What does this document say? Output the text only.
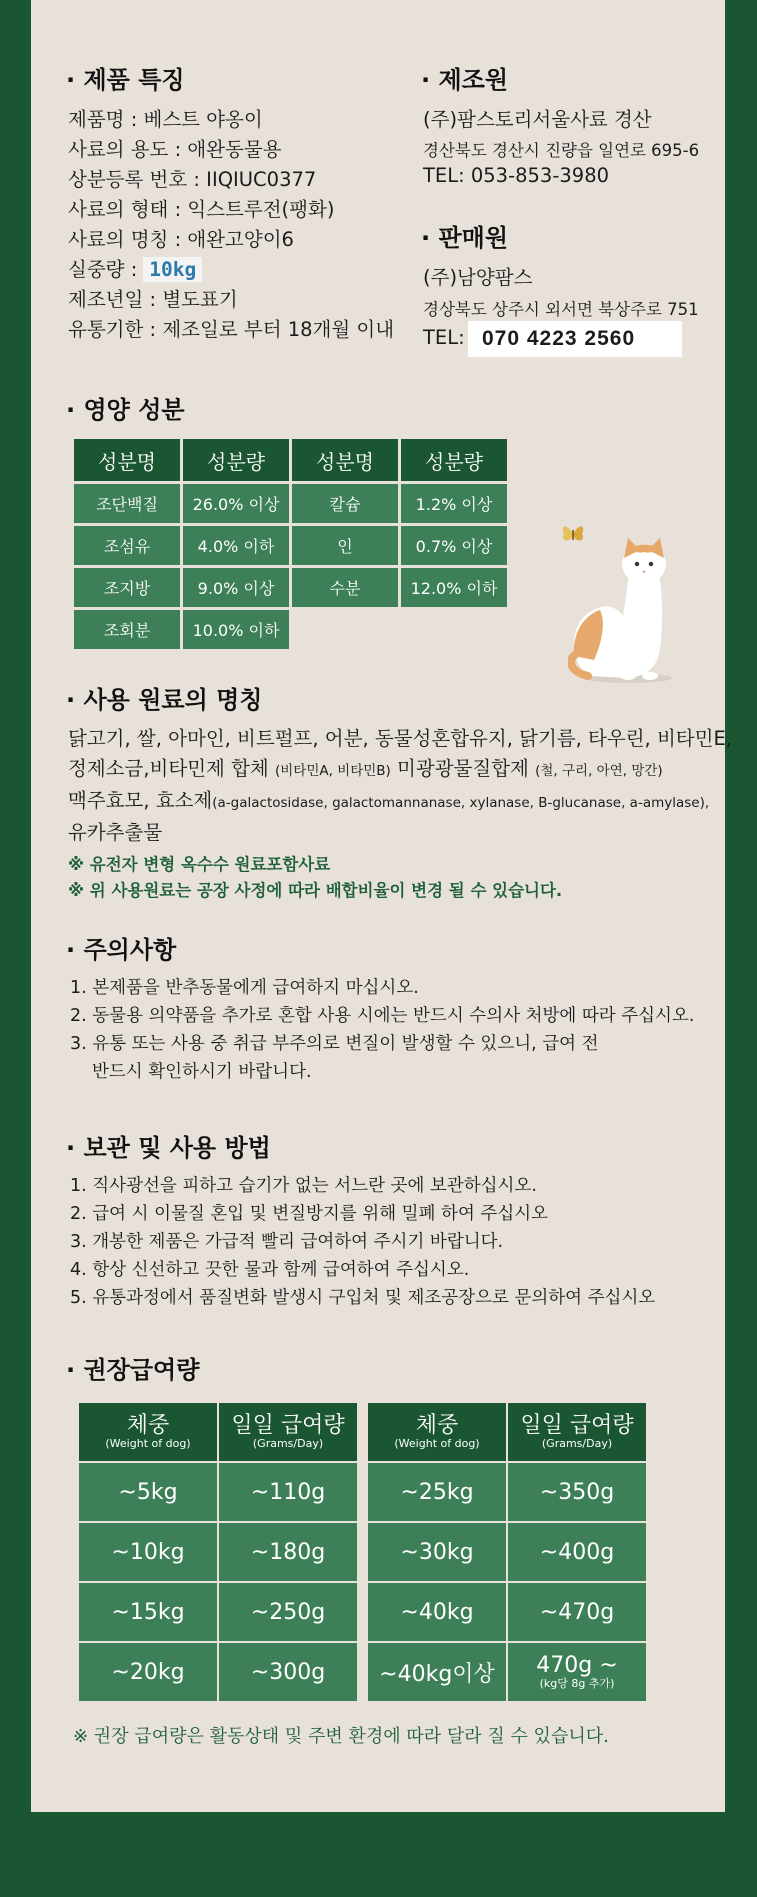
· 제품 특징
제품명 : 베스트 야옹이
사료의 용도 : 애완동물용
상분등록 번호 : IIQIUC0377
사료의 형태 : 익스트루전(팽화)
사료의 명칭 : 애완고양이6
실중량 : 10kg
제조년일 : 별도표기
유통기한 : 제조일로 부터 18개월 이내
· 제조원
(주)팜스토리서울사료 경산
경산북도 경산시 진량읍 일연로 695-6
TEL: 053-853-3980
· 판매원
(주)남양팜스
경상북도 상주시 외서면 북상주로 751
TEL: 070 4223 2560
· 영양 성분
성분명	성분량	성분명	성분량
조단백질	26.0% 이상	칼슘	1.2% 이상
조섬유	4.0% 이하	인	0.7% 이상
조지방	9.0% 이상	수분	12.0% 이하
조회분	10.0% 이하		
· 사용 원료의 명칭
닭고기, 쌀, 아마인, 비트펄프, 어분, 동물성혼합유지, 닭기름, 타우린, 비타민E,
정제소금,비타민제 합체 (비타민A, 비타민B) 미광광물질합제 (철, 구리, 아연, 망간)
맥주효모, 효소제(a-galactosidase, galactomannanase, xylanase, B-glucanase, a-amylase),
유카추출물
※ 유전자 변형 옥수수 원료포함사료
※ 위 사용원료는 공장 사정에 따라 배합비율이 변경 될 수 있습니다.
· 주의사항
1. 본제품을 반추동물에게 급여하지 마십시오.
2. 동물용 의약품을 추가로 혼합 사용 시에는 반드시 수의사 처방에 따라 주십시오.
3. 유통 또는 사용 중 취급 부주의로 변질이 발생할 수 있으니, 급여 전
반드시 확인하시기 바랍니다.
· 보관 및 사용 방법
1. 직사광선을 피하고 습기가 없는 서느란 곳에 보관하십시오.
2. 급여 시 이물질 혼입 및 변질방지를 위해 밀폐 하여 주십시오
3. 개봉한 제품은 가급적 빨리 급여하여 주시기 바랍니다.
4. 항상 신선하고 끗한 물과 함께 급여하여 주십시오.
5. 유통과정에서 품질변화 발생시 구입처 및 제조공장으로 문의하여 주십시오
· 권장급여량
체중
(Weight of dog)	일일 급여량
(Grams/Day)

~5kg	~110g
~10kg	~180g
~15kg	~250g
~20kg	~300g
체중
(Weight of dog)	일일 급여량
(Grams/Day)

~25kg	~350g
~30kg	~400g
~40kg	~470g
~40kg이상	470g ~
(kg당 8g 추가)
※ 권장 급여량은 활동상태 및 주변 환경에 따라 달라 질 수 있습니다.
